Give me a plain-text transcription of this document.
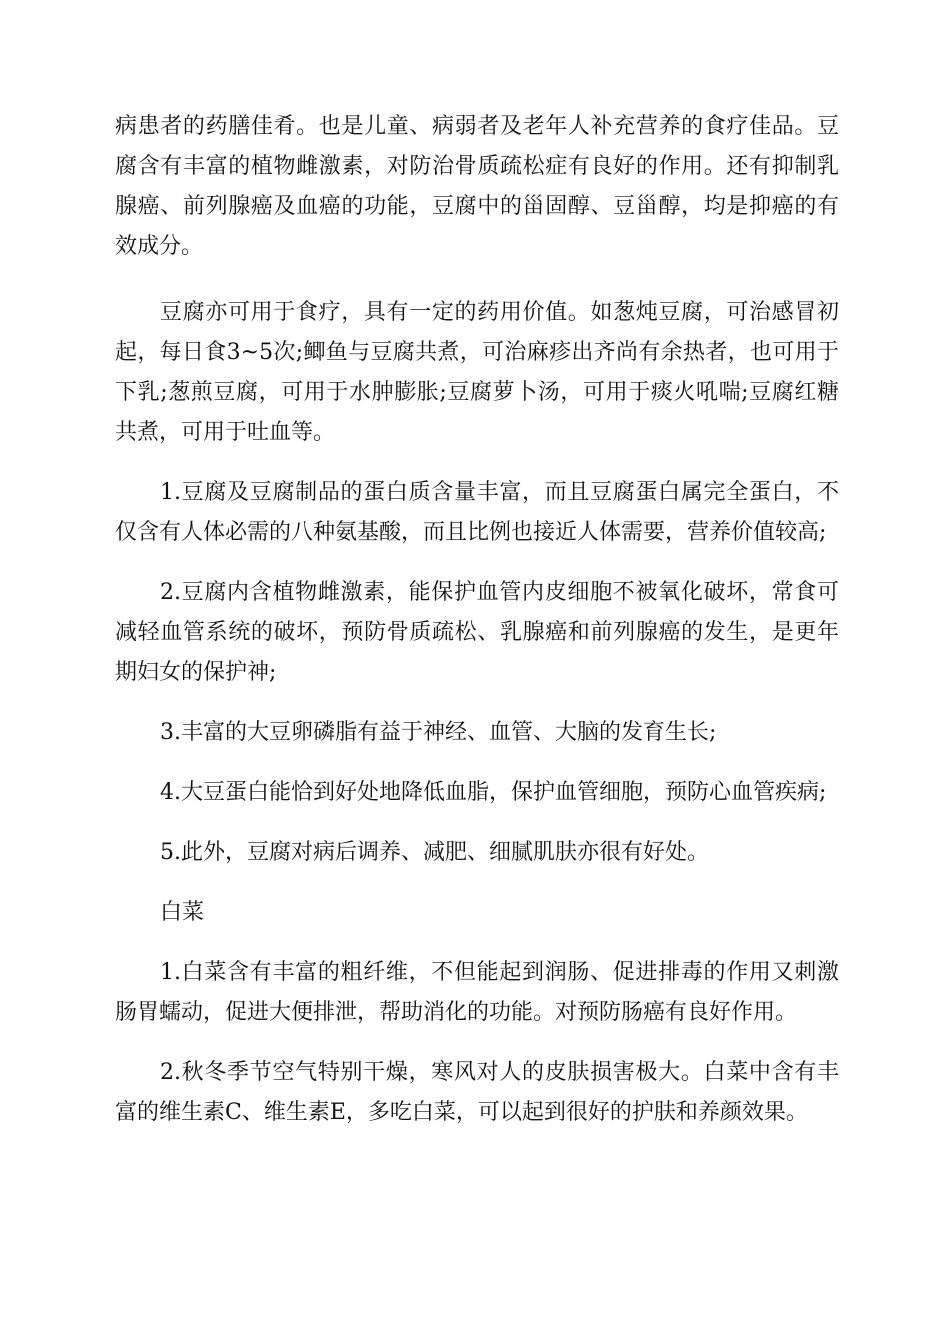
病患者的药膳佳肴。也是儿童、病弱者及老年人补充营养的食疗佳品。豆腐含有丰富的植物雌激素，对防治骨质疏松症有良好的作用。还有抑制乳腺癌、前列腺癌及血癌的功能，豆腐中的甾固醇、豆甾醇，均是抑癌的有效成分。

豆腐亦可用于食疗，具有一定的药用价值。如葱炖豆腐，可治感冒初起，每日食3~5次;鲫鱼与豆腐共煮，可治麻疹出齐尚有余热者，也可用于下乳;葱煎豆腐，可用于水肿膨胀;豆腐萝卜汤，可用于痰火吼喘;豆腐红糖共煮，可用于吐血等。

1.豆腐及豆腐制品的蛋白质含量丰富，而且豆腐蛋白属完全蛋白，不仅含有人体必需的八种氨基酸，而且比例也接近人体需要，营养价值较高;

2.豆腐内含植物雌激素，能保护血管内皮细胞不被氧化破坏，常食可减轻血管系统的破坏，预防骨质疏松、乳腺癌和前列腺癌的发生，是更年期妇女的保护神;

3.丰富的大豆卵磷脂有益于神经、血管、大脑的发育生长;

4.大豆蛋白能恰到好处地降低血脂，保护血管细胞，预防心血管疾病;

5.此外，豆腐对病后调养、减肥、细腻肌肤亦很有好处。

白菜

1.白菜含有丰富的粗纤维，不但能起到润肠、促进排毒的作用又刺激肠胃蠕动，促进大便排泄，帮助消化的功能。对预防肠癌有良好作用。

2.秋冬季节空气特别干燥，寒风对人的皮肤损害极大。白菜中含有丰富的维生素C、维生素E，多吃白菜，可以起到很好的护肤和养颜效果。
